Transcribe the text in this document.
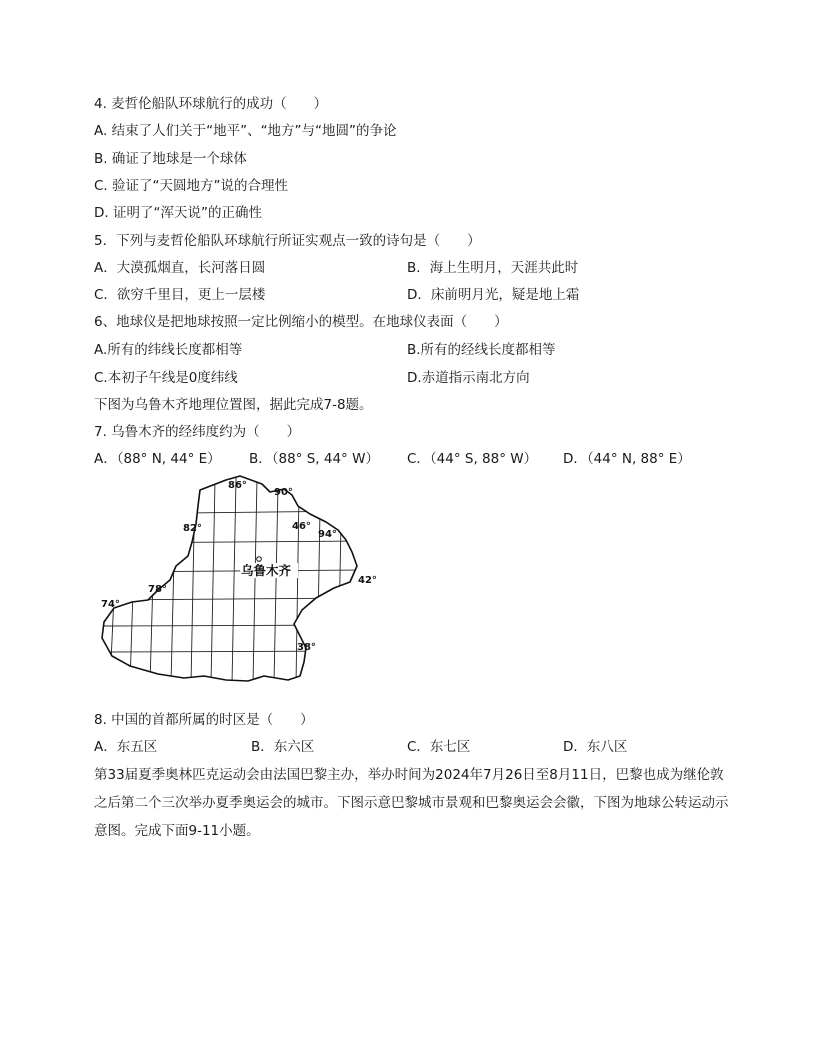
4. 麦哲伦船队环球航行的成功（　　）
A. 结束了人们关于“地平”、“地方”与“地圆”的争论
B. 确证了地球是一个球体
C. 验证了“天圆地方”说的合理性
D. 证明了“浑天说”的正确性
5．下列与麦哲伦船队环球航行所证实观点一致的诗句是（　　）
A．大漠孤烟直，长河落日圆	B．海上生明月，天涯共此时
C．欲穷千里目，更上一层楼	D．床前明月光，疑是地上霜
6、地球仪是把地球按照一定比例缩小的模型。在地球仪表面（　　）
A.所有的纬线长度都相等	B.所有的经线长度都相等
C.本初子午线是0度纬线	D.赤道指示南北方向
下图为乌鲁木齐地理位置图，据此完成7-8题。
7. 乌鲁木齐的经纬度约为（　　）
A．（88° N, 44° E） B．（88° S, 44° W） C．（44° S, 88° W） D．（44° N, 88° E）
乌鲁木齐
86°
90°
82°	46°
94°
78°
42°
74°
38°
8. 中国的首都所属的时区是（　　）
A．东五区	B．东六区	C．东七区	D．东八区
第33届夏季奥林匹克运动会由法国巴黎主办，举办时间为2024年7月26日至8月11日，巴黎也成为继伦敦之后第二个三次举办夏季奥运会的城市。下图示意巴黎城市景观和巴黎奥运会会徽，下图为地球公转运动示意图。完成下面9-11小题。
